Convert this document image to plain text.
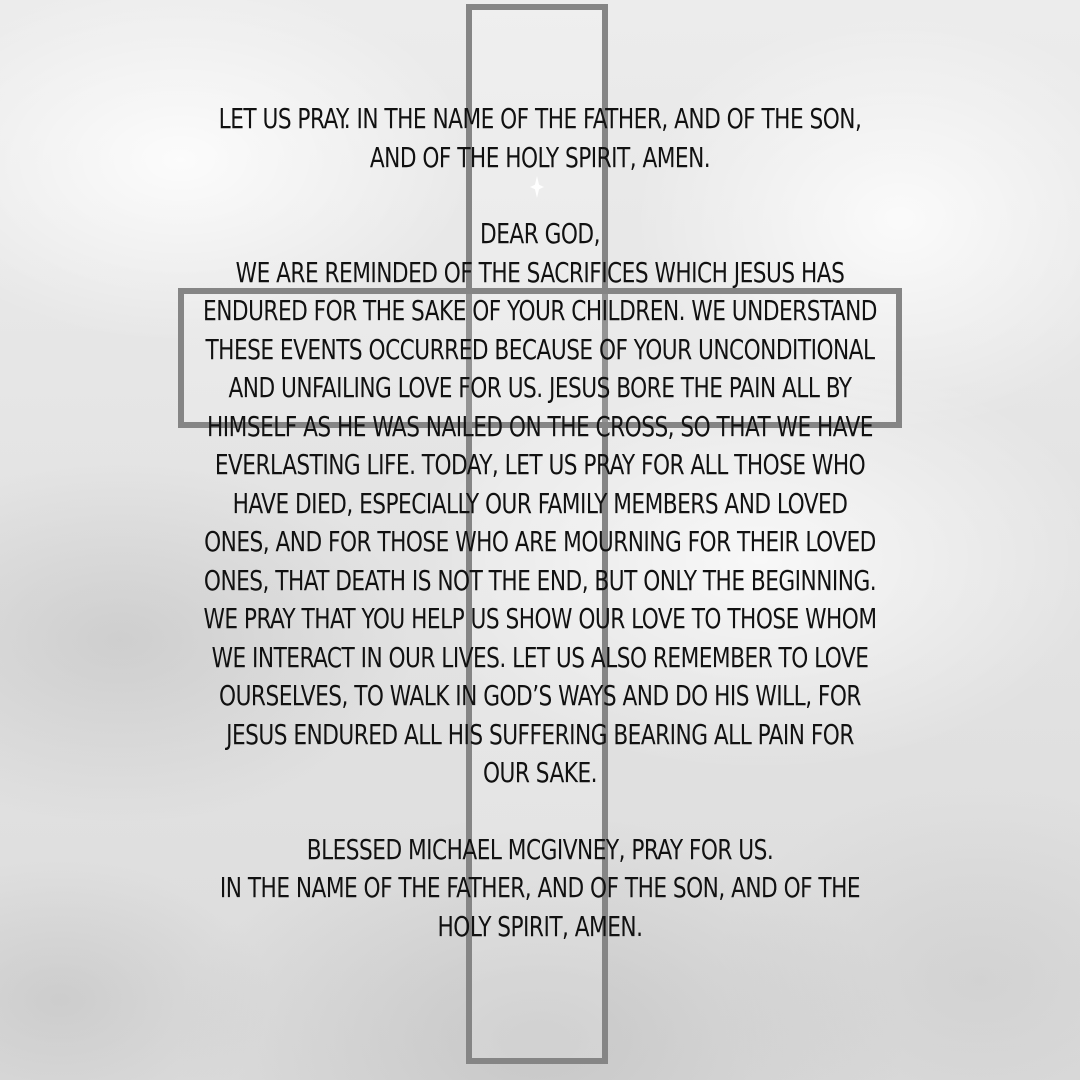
LET US PRAY. IN THE NAME OF THE FATHER, AND OF THE SON,

AND OF THE HOLY SPIRIT, AMEN.

DEAR GOD,

WE ARE REMINDED OF THE SACRIFICES WHICH JESUS HAS

ENDURED FOR THE SAKE OF YOUR CHILDREN. WE UNDERSTAND

THESE EVENTS OCCURRED BECAUSE OF YOUR UNCONDITIONAL

AND UNFAILING LOVE FOR US. JESUS BORE THE PAIN ALL BY

HIMSELF AS HE WAS NAILED ON THE CROSS, SO THAT WE HAVE

EVERLASTING LIFE. TODAY, LET US PRAY FOR ALL THOSE WHO

HAVE DIED, ESPECIALLY OUR FAMILY MEMBERS AND LOVED

ONES, AND FOR THOSE WHO ARE MOURNING FOR THEIR LOVED

ONES, THAT DEATH IS NOT THE END, BUT ONLY THE BEGINNING.

WE PRAY THAT YOU HELP US SHOW OUR LOVE TO THOSE WHOM

WE INTERACT IN OUR LIVES. LET US ALSO REMEMBER TO LOVE

OURSELVES, TO WALK IN GOD’S WAYS AND DO HIS WILL, FOR

JESUS ENDURED ALL HIS SUFFERING BEARING ALL PAIN FOR

OUR SAKE.

BLESSED MICHAEL MCGIVNEY, PRAY FOR US.

IN THE NAME OF THE FATHER, AND OF THE SON, AND OF THE

HOLY SPIRIT, AMEN.
